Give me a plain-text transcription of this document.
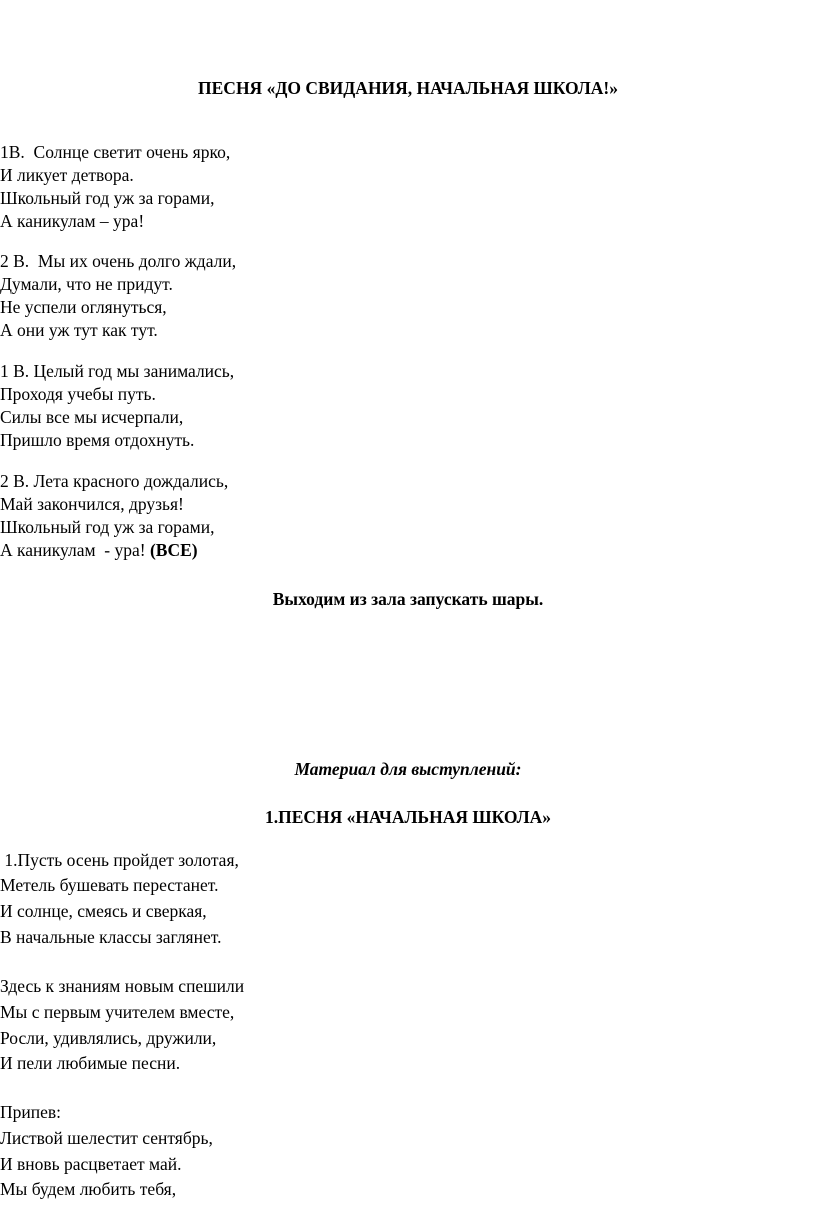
ПЕСНЯ «ДО СВИДАНИЯ, НАЧАЛЬНАЯ ШКОЛА!»
1В.  Солнце светит очень ярко,
И ликует детвора.
Школьный год уж за горами,
А каникулам – ура!
2 В.  Мы их очень долго ждали,
Думали, что не придут.
Не успели оглянуться,
А они уж тут как тут.
1 В. Целый год мы занимались,
Проходя учебы путь.
Силы все мы исчерпали,
Пришло время отдохнуть.
2 В. Лета красного дождались,
Май закончился, друзья!
Школьный год уж за горами,
А каникулам  - ура! (ВСЕ)
Выходим из зала запускать шары.
Материал для выступлений:
1.ПЕСНЯ «НАЧАЛЬНАЯ ШКОЛА»
1.Пусть осень пройдет золотая,
Метель бушевать перестанет.
И солнце, смеясь и сверкая,
В начальные классы заглянет.
Здесь к знаниям новым спешили
Мы с первым учителем вместе,
Росли, удивлялись, дружили,
И пели любимые песни.
Припев:
Листвой шелестит сентябрь,
И вновь расцветает май.
Мы будем любить тебя,
